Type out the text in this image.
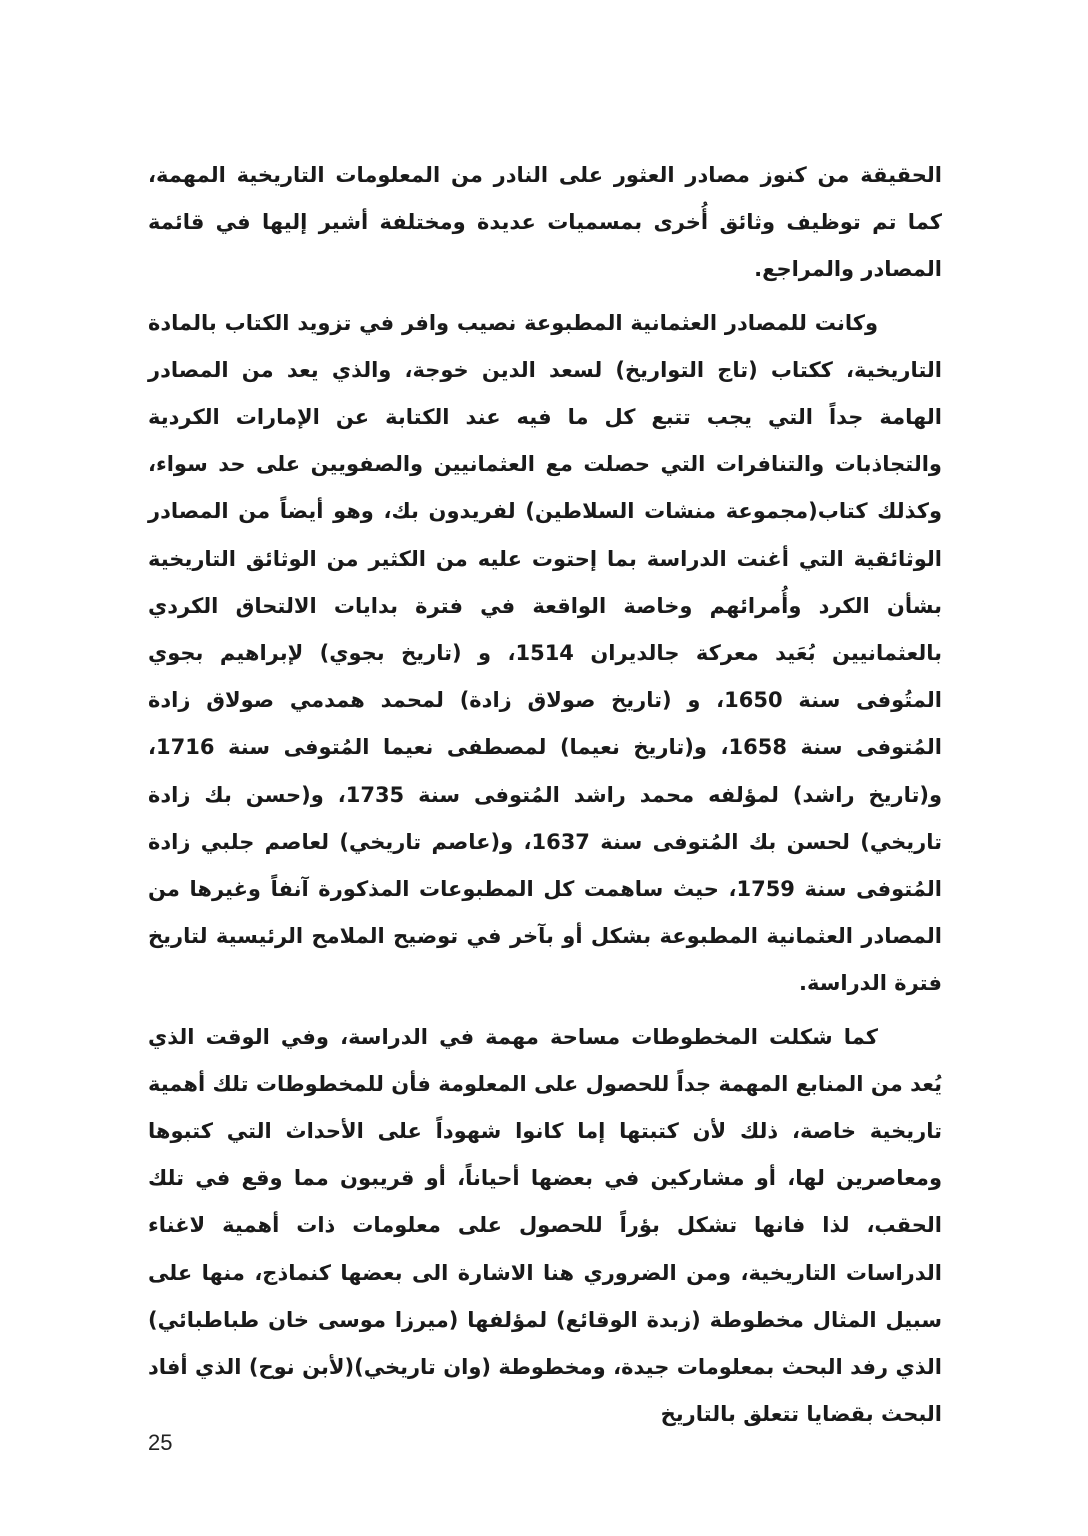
الحقيقة من كنوز مصادر العثور على النادر من المعلومات التاريخية المهمة، كما تم توظيف وثائق أُخرى بمسميات عديدة ومختلفة أشير إليها في قائمة المصادر والمراجع.

وكانت للمصادر العثمانية المطبوعة نصيب وافر في تزويد الكتاب بالمادة التاريخية، ككتاب (تاج التواريخ) لسعد الدين خوجة، والذي يعد من المصادر الهامة جداً التي يجب تتبع كل ما فيه عند الكتابة عن الإمارات الكردية والتجاذبات والتنافرات التي حصلت مع العثمانيين والصفويين على حد سواء، وكذلك كتاب(مجموعة منشات السلاطين) لفريدون بك، وهو أيضاً من المصادر الوثائقية التي أغنت الدراسة بما إحتوت عليه من الكثير من الوثائق التاريخية بشأن الكرد وأُمرائهم وخاصة الواقعة في فترة بدايات الالتحاق الكردي بالعثمانيين بُعَيد معركة جالديران 1514، و (تاريخ بجوي) لإبراهيم بجوي المتُوفى سنة 1650، و (تاريخ صولاق زادة) لمحمد همدمي صولاق زادة المُتوفى سنة 1658، و(تاريخ نعيما) لمصطفى نعيما المُتوفى سنة 1716، و(تاريخ راشد) لمؤلفه محمد راشد المُتوفى سنة 1735، و(حسن بك زادة تاريخي) لحسن بك المُتوفى سنة 1637، و(عاصم تاريخي) لعاصم جلبي زادة المُتوفى سنة 1759، حيث ساهمت كل المطبوعات المذكورة آنفاً وغيرها من المصادر العثمانية المطبوعة بشكل أو بآخر في توضيح الملامح الرئيسية لتاريخ فترة الدراسة.

كما شكلت المخطوطات مساحة مهمة في الدراسة، وفي الوقت الذي يُعد من المنابع المهمة جداً للحصول على المعلومة فأن للمخطوطات تلك أهمية تاريخية خاصة، ذلك لأن كتبتها إما كانوا شهوداً على الأحداث التي كتبوها ومعاصرين لها، أو مشاركين في بعضها أحياناً، أو قريبون مما وقع في تلك الحقب، لذا فانها تشكل بؤراً للحصول على معلومات ذات أهمية لاغناء الدراسات التاريخية، ومن الضروري هنا الاشارة الى بعضها كنماذج، منها على سبيل المثال مخطوطة (زبدة الوقائع) لمؤلفها (ميرزا موسى خان طباطبائي) الذي رفد البحث بمعلومات جيدة، ومخطوطة (وان تاريخي)(لأبن نوح) الذي أفاد البحث بقضايا تتعلق بالتاريخ

25
